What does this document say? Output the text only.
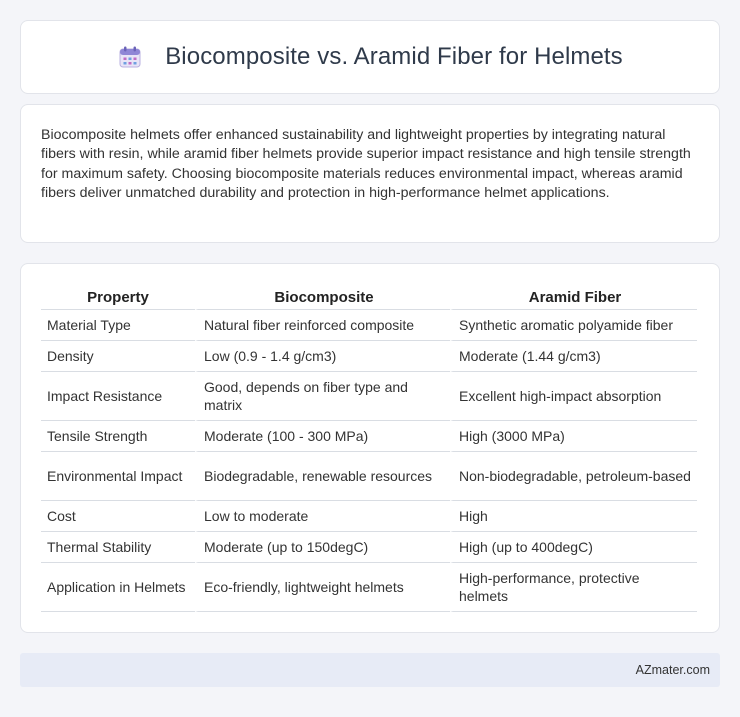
Biocomposite vs. Aramid Fiber for Helmets

Biocomposite helmets offer enhanced sustainability and lightweight properties by integrating natural fibers with resin, while aramid fiber helmets provide superior impact resistance and high tensile strength for maximum safety. Choosing biocomposite materials reduces environmental impact, whereas aramid fibers deliver unmatched durability and protection in high-performance helmet applications.

Property	Biocomposite	Aramid Fiber
Material Type	Natural fiber reinforced composite	Synthetic aromatic polyamide fiber
Density	Low (0.9 - 1.4 g/cm3)	Moderate (1.44 g/cm3)
Impact Resistance	Good, depends on fiber type and matrix	Excellent high-impact absorption
Tensile Strength	Moderate (100 - 300 MPa)	High (3000 MPa)
Environmental Impact	Biodegradable, renewable resources	Non-biodegradable, petroleum-based
Cost	Low to moderate	High
Thermal Stability	Moderate (up to 150degC)	High (up to 400degC)
Application in Helmets	Eco-friendly, lightweight helmets	High-performance, protective helmets
AZmater.com
